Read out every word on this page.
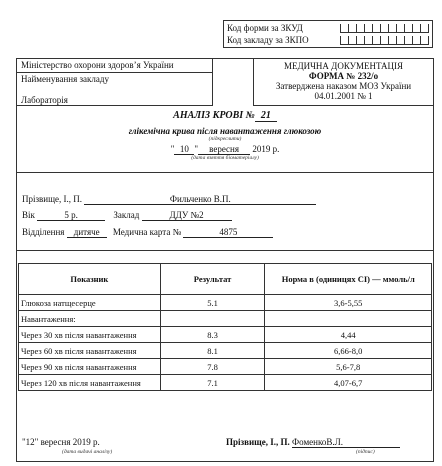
Код форми за ЗКУД
Код закладу за ЗКПО
Міністерство охорони здоров’я України
Найменування закладу
Лабораторія
МЕДИЧНА ДОКУМЕНТАЦІЯ
ФОРМА № 232/о
Затверджена наказом МОЗ України
04.01.2001 № 1
АНАЛІЗ КРОВІ № 21
глікемічна крива після навантаження глюкозою
(підкреслити)
" 10 " вересня 2019 р.
(дата взяття біоматеріалу)
Прізвище, І., П.	Фильченко В.П.
Вік	5 р.	Заклад	ДДУ №2
Відділення дитяче Медична карта №	4875
Показник	Результат	Норма в (одиницях СІ) — ммоль/л
Глюкоза натщесерце	5.1	3,6-5,55
Навантаження:		
Через 30 хв після навантаження	8.3	4,44
Через 60 хв після навантаження	8.1	6,66-8,0
Через 90 хв після навантаження	7.8	5,6-7,8
Через 120 хв після навантаження	7.1	4,07-6,7
"12" вересня 2019 р.
(дата видачі аналізу)
Прізвище, І., П. ФоменкоВ.Л.
(підпис)
